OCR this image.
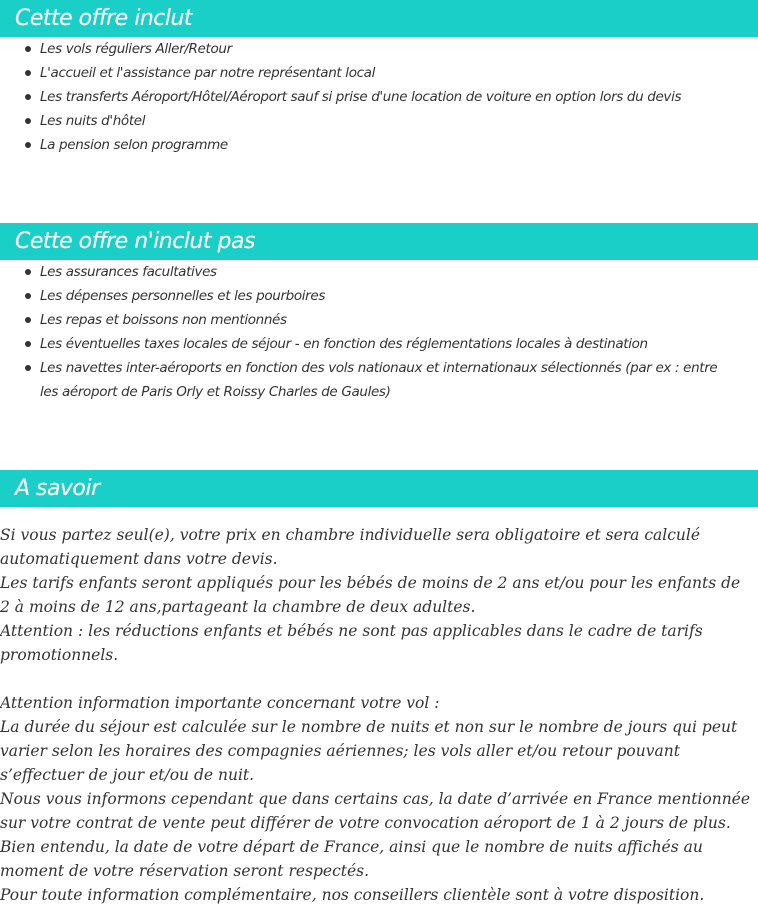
Cette offre inclut
Les vols réguliers Aller/Retour
L'accueil et l'assistance par notre représentant local
Les transferts Aéroport/Hôtel/Aéroport sauf si prise d'une location de voiture en option lors du devis
Les nuits d'hôtel
La pension selon programme
Cette offre n'inclut pas
Les assurances facultatives
Les dépenses personnelles et les pourboires
Les repas et boissons non mentionnés
Les éventuelles taxes locales de séjour - en fonction des réglementations locales à destination
Les navettes inter-aéroports en fonction des vols nationaux et internationaux sélectionnés (par ex : entre les aéroport de Paris Orly et Roissy Charles de Gaules)
A savoir

Si vous partez seul(e), votre prix en chambre individuelle sera obligatoire et sera calculé automatiquement dans votre devis.

Les tarifs enfants seront appliqués pour les bébés de moins de 2 ans et/ou pour les enfants de 2 à moins de 12 ans,partageant la chambre de deux adultes.

Attention : les réductions enfants et bébés ne sont pas applicables dans le cadre de tarifs promotionnels.

Attention information importante concernant votre vol :

La durée du séjour est calculée sur le nombre de nuits et non sur le nombre de jours qui peut varier selon les horaires des compagnies aériennes; les vols aller et/ou retour pouvant s’effectuer de jour et/ou de nuit.

Nous vous informons cependant que dans certains cas, la date d’arrivée en France mentionnée sur votre contrat de vente peut différer de votre convocation aéroport de 1 à 2 jours de plus. Bien entendu, la date de votre départ de France, ainsi que le nombre de nuits affichés au moment de votre réservation seront respectés.

Pour toute information complémentaire, nos conseillers clientèle sont à votre disposition.
